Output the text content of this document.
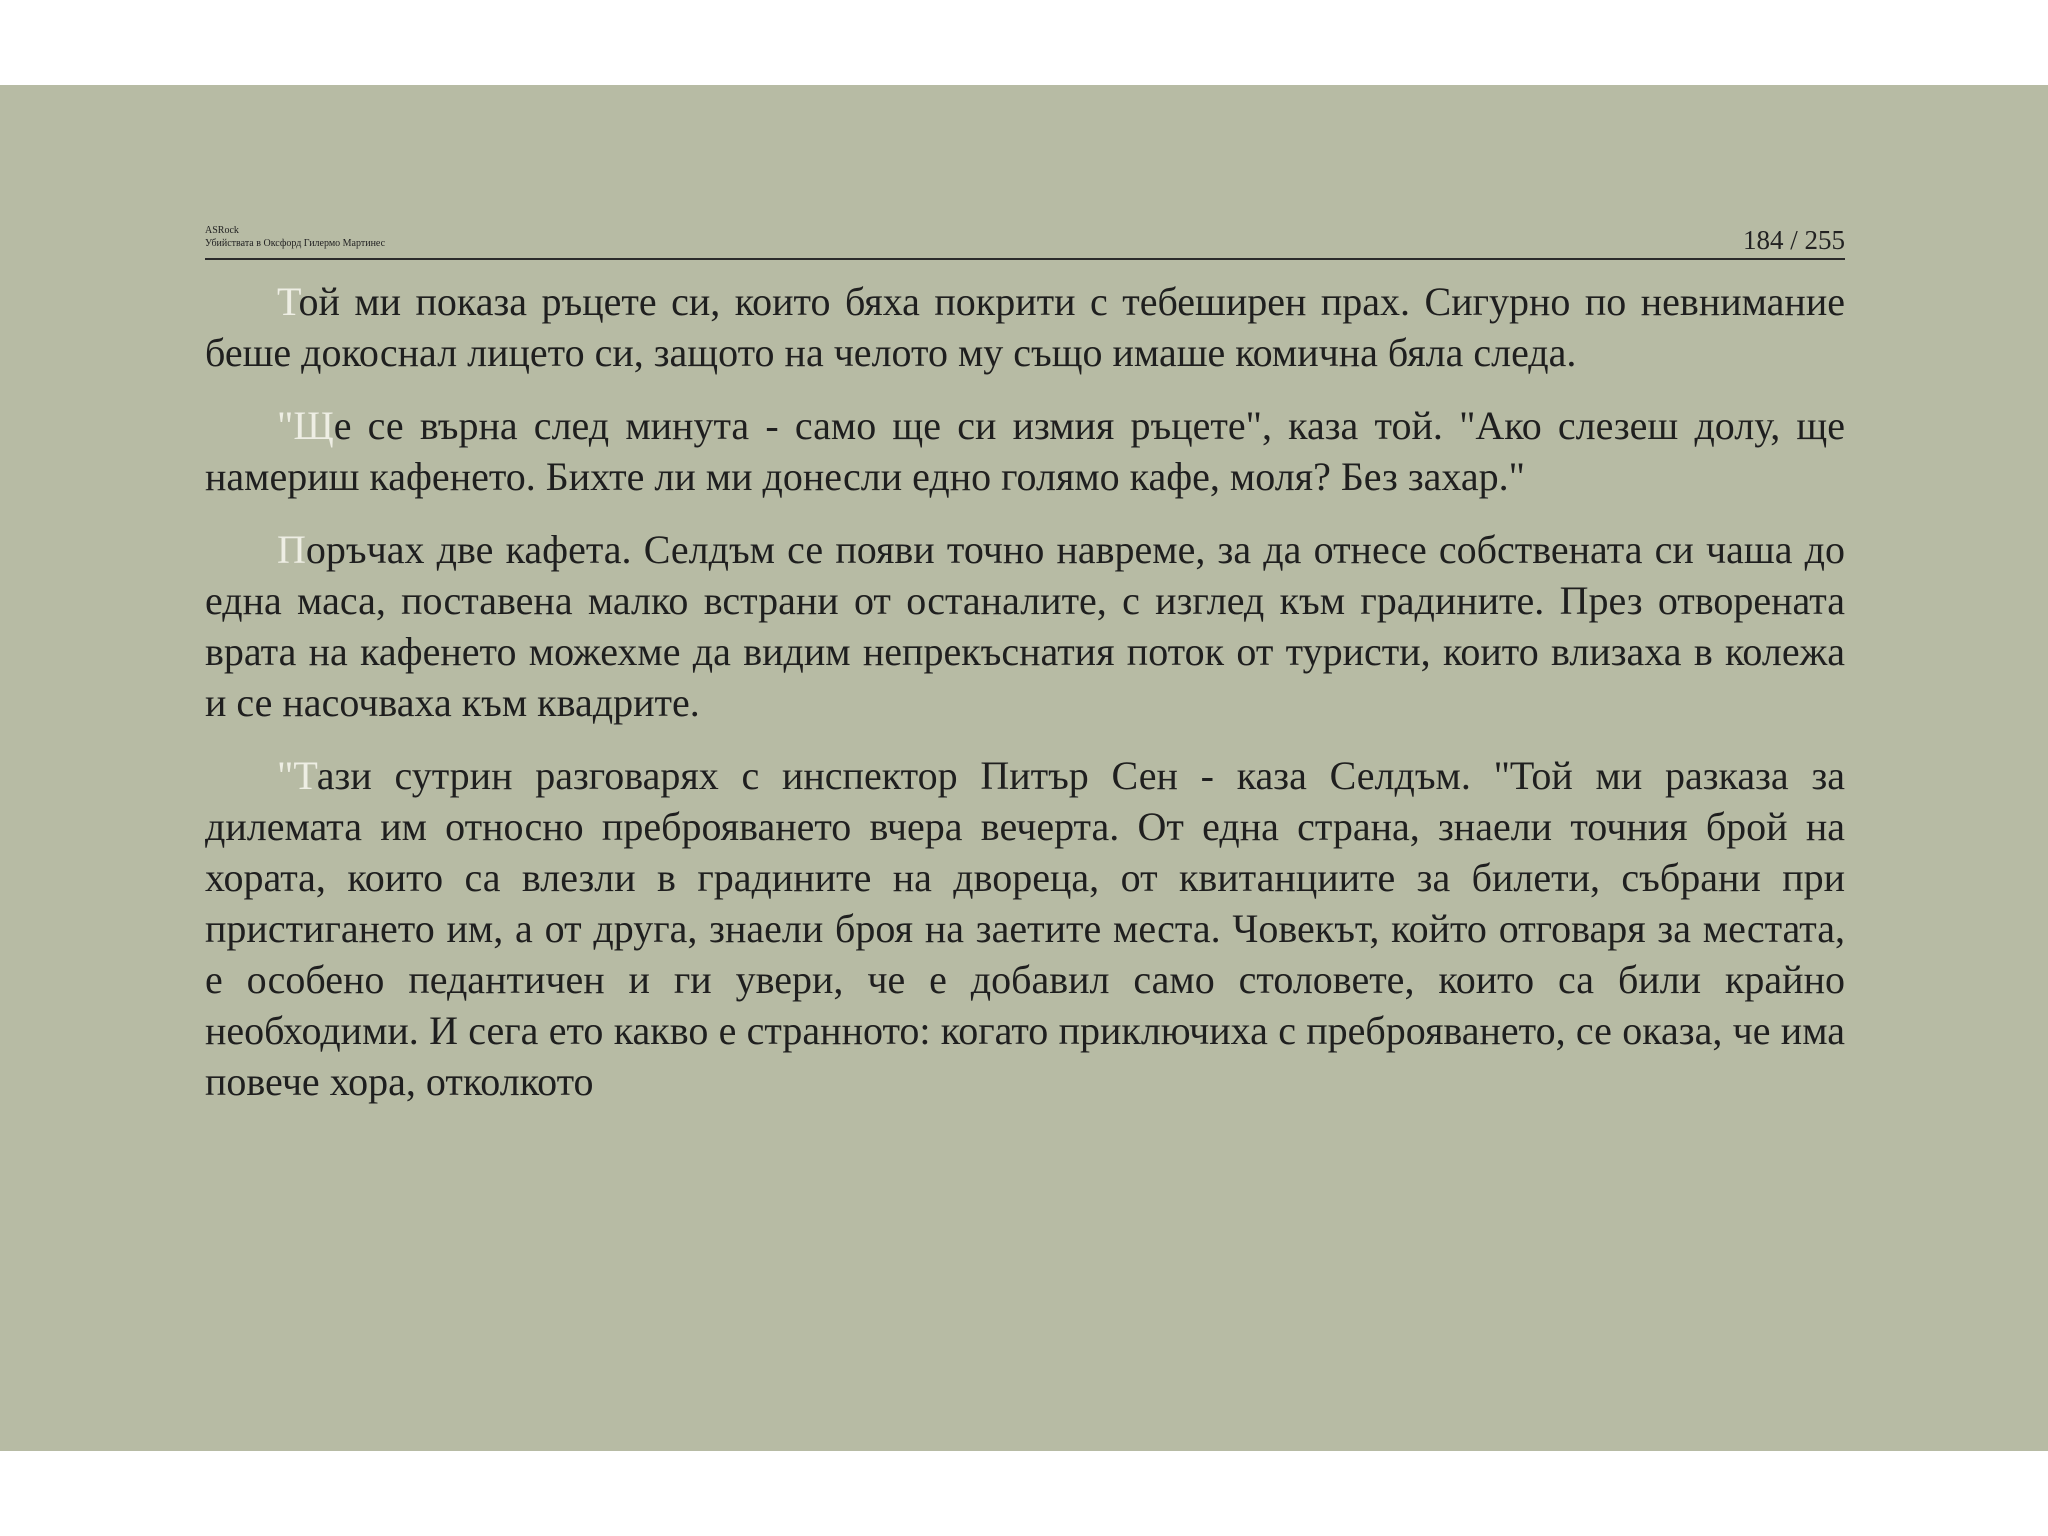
ASRock
Убийствата в Оксфорд Гилермо Мартинес	184 / 255

Той ми показа ръцете си, които бяха покрити с тебеширен прах. Сигурно по невнимание беше докоснал лицето си, защото на челото му също имаше комична бяла следа.

"Ще се върна след минута - само ще си измия ръцете", каза той. "Ако слезеш долу, ще намериш кафенето. Бихте ли ми донесли едно голямо кафе, моля? Без захар."

Поръчах две кафета. Селдъм се появи точно навреме, за да отнесе собствената си чаша до една маса, поставена малко встрани от останалите, с изглед към градините. През отворената врата на кафенето можехме да видим непрекъснатия поток от туристи, които влизаха в колежа и се насочваха към квадрите.

"Тази сутрин разговарях с инспектор Питър Сен - каза Селдъм. "Той ми разказа за дилемата им относно преброяването вчера вечерта. От една страна, знаели точния брой на хората, които са влезли в градините на двореца, от квитанциите за билети, събрани при пристигането им, а от друга, знаели броя на заетите места. Човекът, който отговаря за местата, е особено педантичен и ги увери, че е добавил само столовете, които са били крайно необходими. И сега ето какво е странното: когато приключиха с преброяването, се оказа, че има повече хора, отколкото
